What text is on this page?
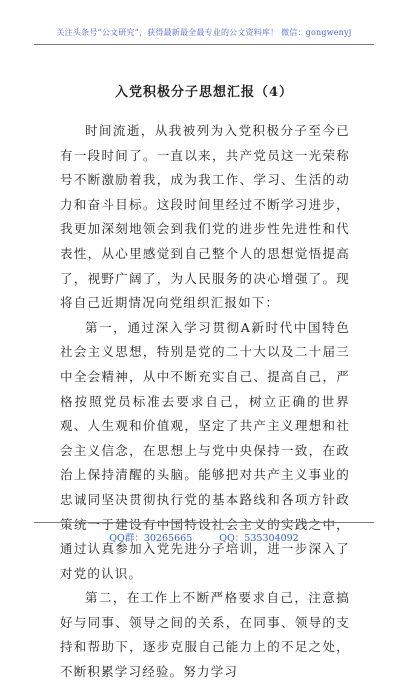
关注头条号“公文研究”，获得最新最全最专业的公文资料库！ 微信：gongwenyj
入党积极分子思想汇报（4）

时间流逝，从我被列为入党积极分子至今已有一段时间了。一直以来，共产党员这一光荣称号不断激励着我，成为我工作、学习、生活的动力和奋斗目标。这段时间里经过不断学习进步，我更加深刻地领会到我们党的进步性先进性和代表性，从心里感觉到自己整个人的思想觉悟提高了，视野广阔了，为人民服务的决心增强了。现将自己近期情况向党组织汇报如下：

第一，通过深入学习贯彻A新时代中国特色社会主义思想，特别是党的二十大以及二十届三中全会精神，从中不断充实自己、提高自己，严格按照党员标准去要求自己，树立正确的世界观、人生观和价值观，坚定了共产主义理想和社会主义信念，在思想上与党中央保持一致，在政治上保持清醒的头脑。能够把对共产主义事业的忠诚同坚决贯彻执行党的基本路线和各项方针政策统一于建设有中国特设社会主义的实践之中，通过认真参加入党先进分子培训，进一步深入了对党的认识。

第二，在工作上不断严格要求自己，注意搞好与同事、领导之间的关系，在同事、领导的支持和帮助下，逐步克服自己能力上的不足之处，不断积累学习经验。努力学习

QQ群：30265665	QQ：535304092
